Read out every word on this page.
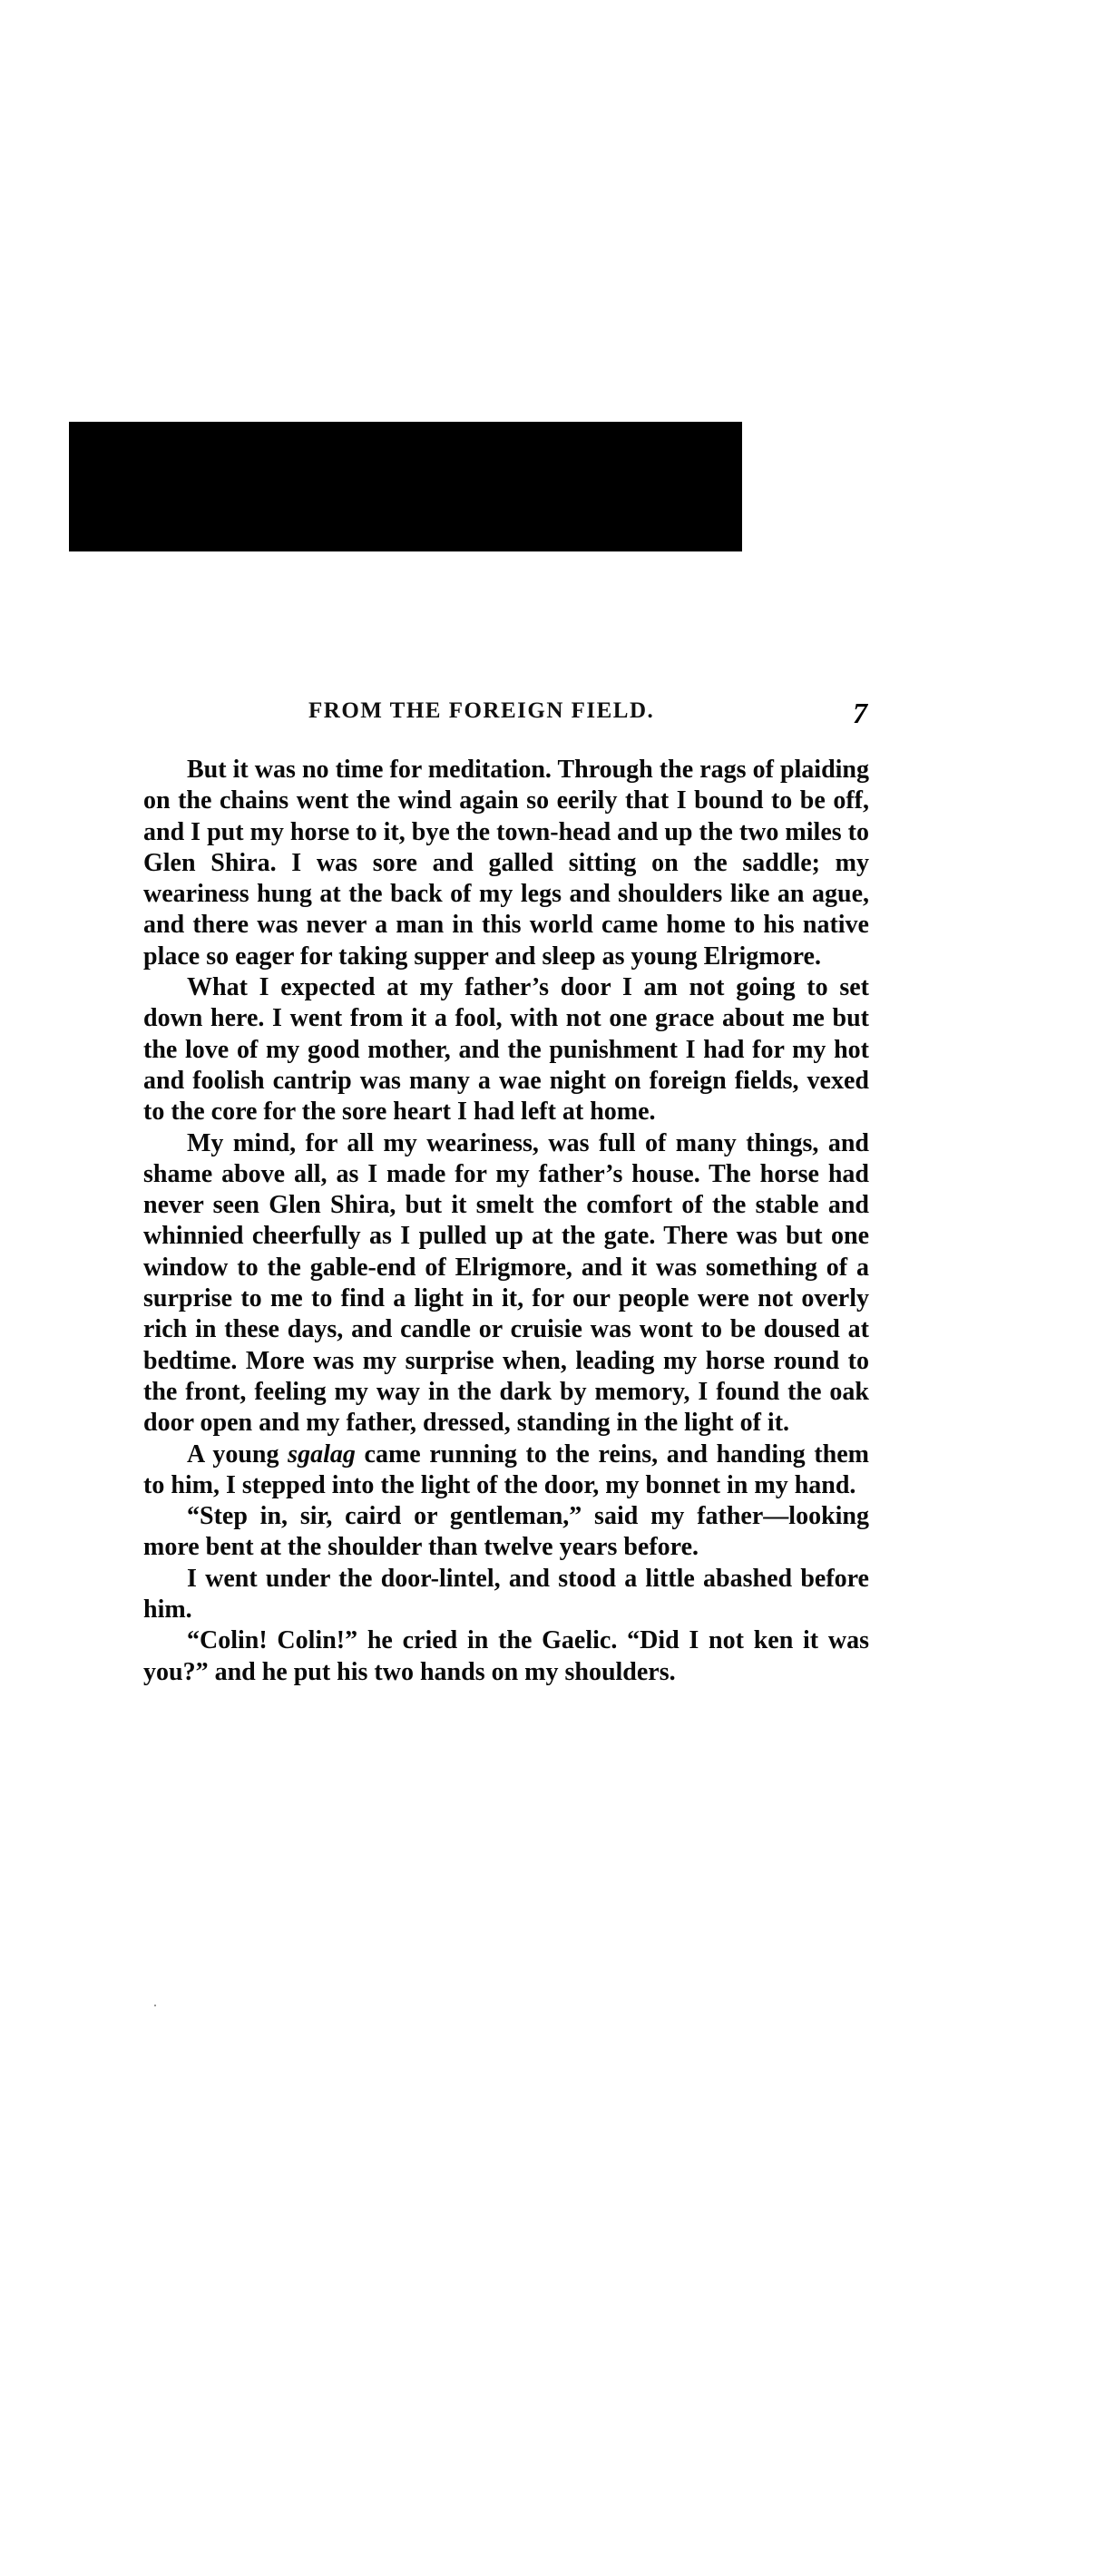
FROM THE FOREIGN FIELD.	7

But it was no time for meditation. Through the rags of plaiding on the chains went the wind again so eerily that I bound to be off, and I put my horse to it, bye the town-head and up the two miles to Glen Shira. I was sore and galled sitting on the saddle; my weariness hung at the back of my legs and shoulders like an ague, and there was never a man in this world came home to his native place so eager for taking supper and sleep as young Elrigmore.

What I expected at my father’s door I am not going to set down here. I went from it a fool, with not one grace about me but the love of my good mother, and the punishment I had for my hot and foolish cantrip was many a wae night on foreign fields, vexed to the core for the sore heart I had left at home.

My mind, for all my weariness, was full of many things, and shame above all, as I made for my father’s house. The horse had never seen Glen Shira, but it smelt the comfort of the stable and whinnied cheerfully as I pulled up at the gate. There was but one window to the gable-end of Elrigmore, and it was something of a surprise to me to find a light in it, for our people were not overly rich in these days, and candle or cruisie was wont to be doused at bedtime. More was my surprise when, leading my horse round to the front, feeling my way in the dark by memory, I found the oak door open and my father, dressed, standing in the light of it.

A young sgalag came running to the reins, and handing them to him, I stepped into the light of the door, my bonnet in my hand.

“Step in, sir, caird or gentleman,” said my father—looking more bent at the shoulder than twelve years before.

I went under the door-lintel, and stood a little abashed before him.

“Colin! Colin!” he cried in the Gaelic. “Did I not ken it was you?” and he put his two hands on my shoulders.
